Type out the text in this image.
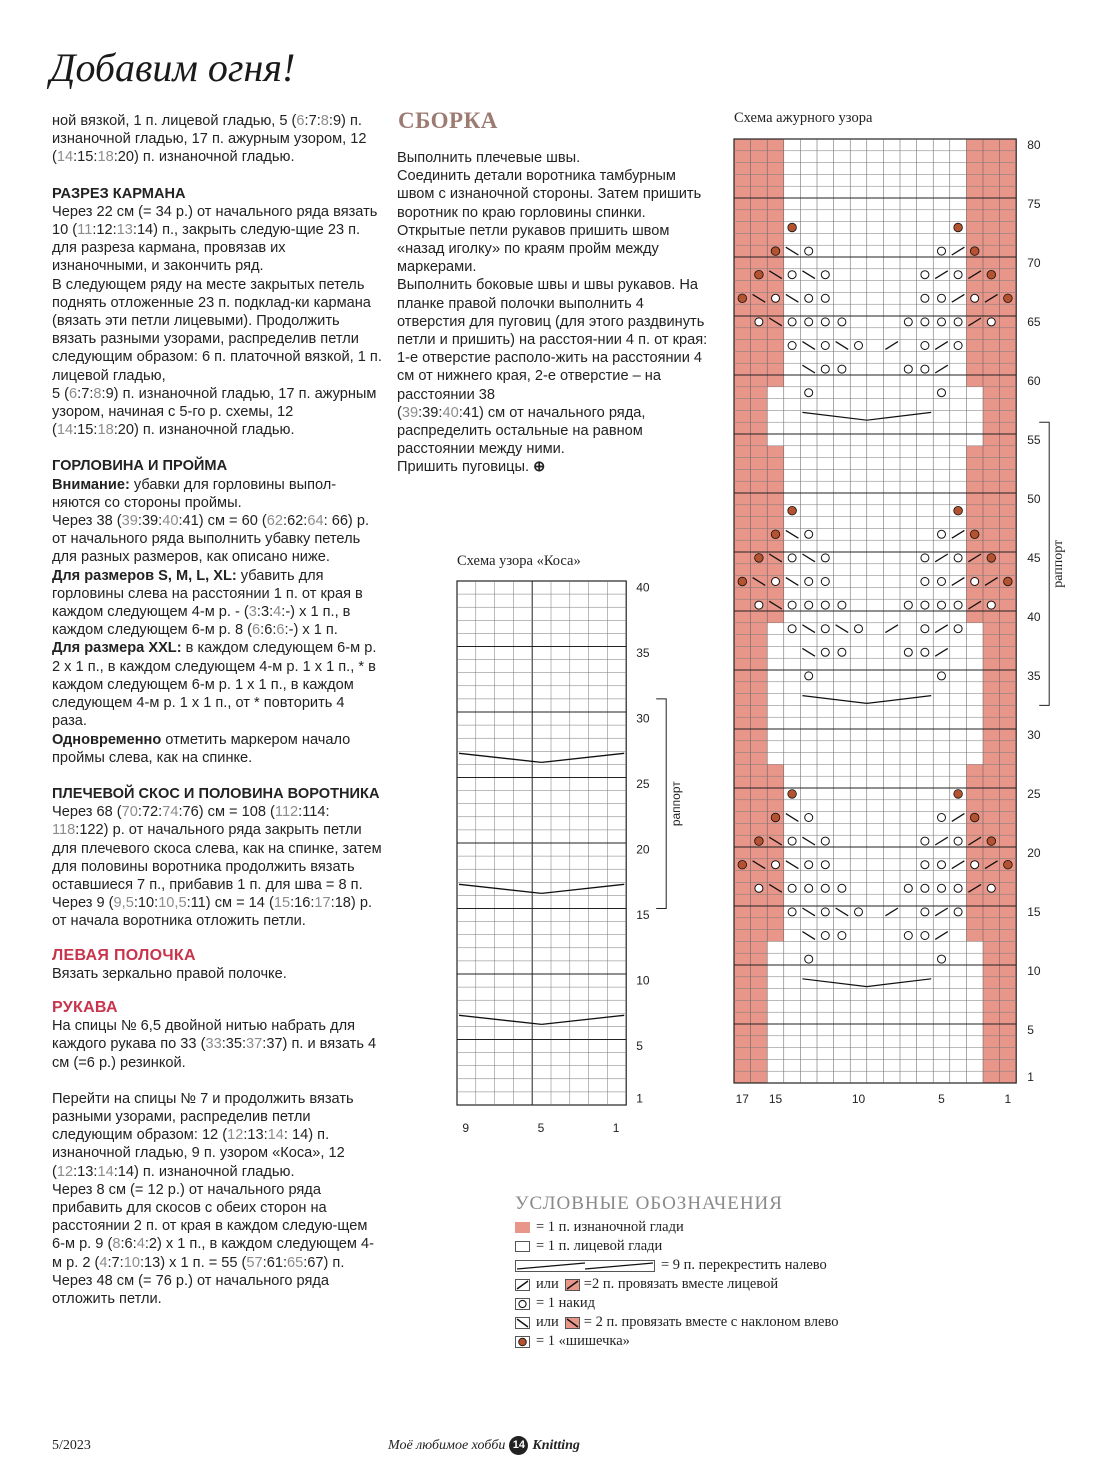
Добавим огня!

ной вязкой, 1 п. лицевой гладью, 5 (6:7:8:9) п. изнаночной гладью, 17 п. ажурным узором, 12 (14:15:18:20) п. изнаночной гладью.

РАЗРЕЗ КАРМАНА

Через 22 см (= 34 р.) от начального ряда вязать 10 (11:12:13:14) п., закрыть следую-щие 23 п. для разреза кармана, провязав их изнаночными, и закончить ряд.

В следующем ряду на месте закрытых петель поднять отложенные 23 п. подклад-ки кармана (вязать эти петли лицевыми). Продолжить вязать разными узорами, распределив петли следующим образом: 6 п. платочной вязкой, 1 п. лицевой гладью,

5 (6:7:8:9) п. изнаночной гладью, 17 п. ажурным узором, начиная с 5-го р. схемы, 12 (14:15:18:20) п. изнаночной гладью.

ГОРЛОВИНА И ПРОЙМА

Внимание: убавки для горловины выпол-няются со стороны проймы.

Через 38 (39:39:40:41) см = 60 (62:62:64: 66) р. от начального ряда выполнить убавку петель для разных размеров, как описано ниже.

Для размеров S, M, L, XL: убавить для горловины слева на расстоянии 1 п. от края в каждом следующем 4-м р. - (3:3:4:-) х 1 п., в каждом следующем 6-м р. 8 (6:6:6:-) х 1 п.

Для размера XXL: в каждом следующем 6-м р. 2 х 1 п., в каждом следующем 4-м р. 1 х 1 п., * в каждом следующем 6-м р. 1 х 1 п., в каждом следующем 4-м р. 1 х 1 п., от * повторить 4 раза.

Одновременно отметить маркером начало проймы слева, как на спинке.

ПЛЕЧЕВОЙ СКОС И ПОЛОВИНА ВОРОТНИКА

Через 68 (70:72:74:76) см = 108 (112:114: 118:122) р. от начального ряда закрыть петли для плечевого скоса слева, как на спинке, затем для половины воротника продолжить вязать оставшиеся 7 п., прибавив 1 п. для шва = 8 п.

Через 9 (9,5:10:10,5:11) см = 14 (15:16:17:18) р. от начала воротника отложить петли.

ЛЕВАЯ ПОЛОЧКА

Вязать зеркально правой полочке.

РУКАВА

На спицы № 6,5 двойной нитью набрать для каждого рукава по 33 (33:35:37:37) п. и вязать 4 см (=6 р.) резинкой.

Перейти на спицы № 7 и продолжить вязать разными узорами, распределив петли следующим образом: 12 (12:13:14: 14) п. изнаночной гладью, 9 п. узором «Коса», 12 (12:13:14:14) п. изнаночной гладью.

Через 8 см (= 12 р.) от начального ряда прибавить для скосов с обеих сторон на расстоянии 2 п. от края в каждом следую-щем 6-м р. 9 (8:6:4:2) х 1 п., в каждом следующем 4-м р. 2 (4:7:10:13) х 1 п. = 55 (57:61:65:67) п.

Через 48 см (= 76 р.) от начального ряда отложить петли.

СБОРКА

Выполнить плечевые швы.
Соединить детали воротника тамбурным швом с изнаночной стороны. Затем пришить воротник по краю горловины спинки.
Открытые петли рукавов пришить швом «назад иголку» по краям пройм между маркерами.
Выполнить боковые швы и швы рукавов. На планке правой полочки выполнить 4 отверстия для пуговиц (для этого раздвинуть петли и пришить) на расстоя-нии 4 п. от края: 1-е отверстие располо-жить на расстоянии 4 см от нижнего края, 2-е отверстие – на расстоянии 38

(39:39:40:41) см от начального ряда, распределить остальные на равном расстоянии между ними.
Пришить пуговицы. ⊕

Схема узора «Коса»
40
35
30
25
20
15
10
5
1
9	5	1
раппорт
Схема ажурного узора
80
75
70
65
60
55
50
45
40
35
30
25
20
15
10
5
1
17 15	10	5	1
раппорт
УСЛОВНЫЕ ОБОЗНАЧЕНИЯ
= 1 п. изнаночной глади
= 1 п. лицевой глади
= 9 п. перекрестить налево
или =2 п. провязать вместе лицевой
= 1 накид
или = 2 п. провязать вместе с наклоном влево
= 1 «шишечка»
5/2023	Моё любимое хобби 14 Knitting
